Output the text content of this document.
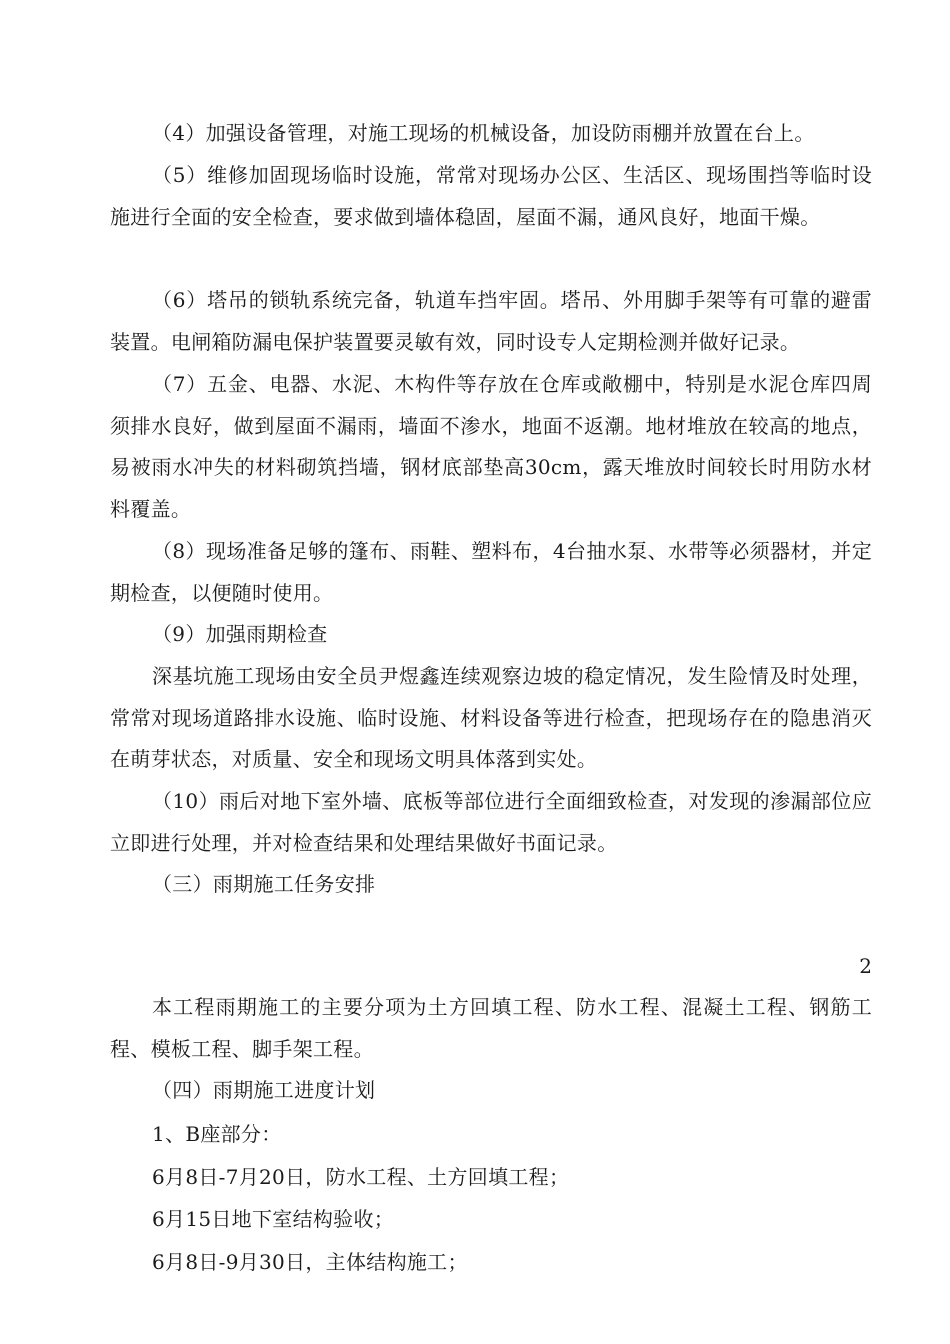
（4）加强设备管理，对施工现场的机械设备，加设防雨棚并放置在台上。

（5）维修加固现场临时设施，常常对现场办公区、生活区、现场围挡等临时设施进行全面的安全检查，要求做到墙体稳固，屋面不漏，通风良好，地面干燥。

（6）塔吊的锁轨系统完备，轨道车挡牢固。塔吊、外用脚手架等有可靠的避雷装置。电闸箱防漏电保护装置要灵敏有效，同时设专人定期检测并做好记录。

（7）五金、电器、水泥、木构件等存放在仓库或敞棚中，特别是水泥仓库四周须排水良好，做到屋面不漏雨，墙面不渗水，地面不返潮。地材堆放在较高的地点，易被雨水冲失的材料砌筑挡墙，钢材底部垫高30cm，露天堆放时间较长时用防水材料覆盖。

（8）现场准备足够的篷布、雨鞋、塑料布，4台抽水泵、水带等必须器材，并定期检查，以便随时使用。

（9）加强雨期检查

深基坑施工现场由安全员尹煜鑫连续观察边坡的稳定情况，发生险情及时处理，常常对现场道路排水设施、临时设施、材料设备等进行检查，把现场存在的隐患消灭在萌芽状态，对质量、安全和现场文明具体落到实处。

（10）雨后对地下室外墙、底板等部位进行全面细致检查，对发现的渗漏部位应立即进行处理，并对检查结果和处理结果做好书面记录。

（三）雨期施工任务安排

2

本工程雨期施工的主要分项为土方回填工程、防水工程、混凝土工程、钢筋工程、模板工程、脚手架工程。

（四）雨期施工进度计划

1、B座部分：

6月8日-7月20日，防水工程、土方回填工程；

6月15日地下室结构验收；

6月8日-9月30日，主体结构施工；
